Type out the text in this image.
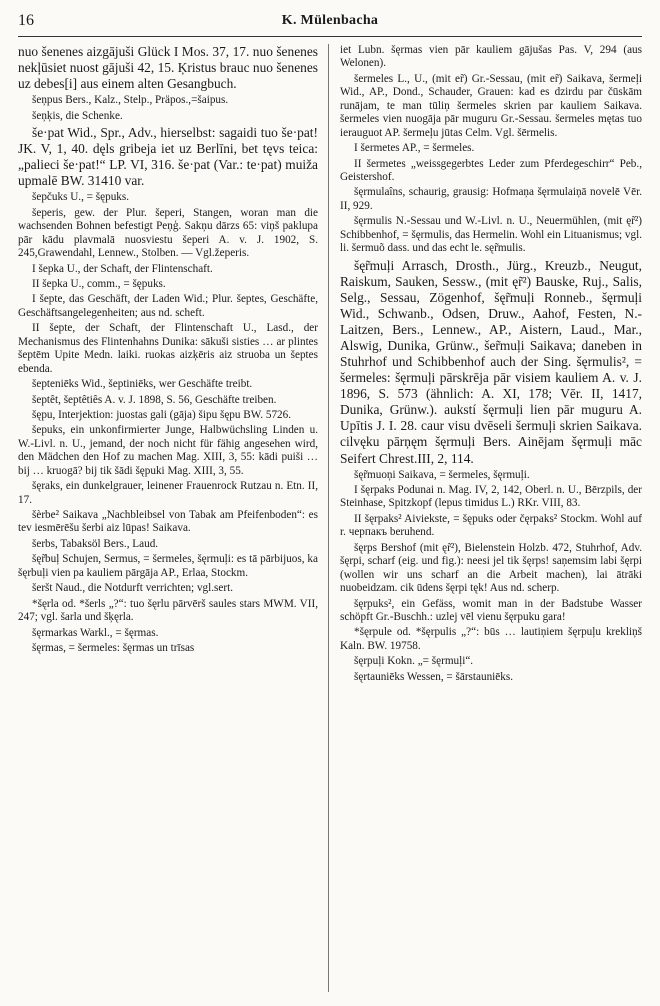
16	K. Mülenbacha

nuo šenenes aizgājuši Glück I Mos. 37, 17. nuo šenenes nekļūsiet nuost gājuši 42, 15. Ķristus brauc nuo šenenes uz debes[i] aus einem alten Gesangbuch.

šeņpus Bers., Kalz., Stelp., Präpos.,=šaipus.

šeņķis, die Schenke.

še·pat Wid., Spr., Adv., hierselbst: sagaidi tuo še·pat! JK. V, 1, 40. dęls gribeja iet uz Berlīni, bet tęvs teica: „palieci še·pat!“ LP. VI, 316. še·pat (Var.: te·pat) muiža upmalē BW. 31410 var.

šepčuks U., = šępuks.

šeperis, gew. der Plur. šeperi, Stangen, woran man die wachsenden Bohnen befestigt Peņģ. Sakņu dārzs 65: viņš paklupa pār kādu plavmalā nuosviestu šeperi A. v. J. 1902, S. 245,Grawendahl, Lennew., Stolben. — Vgl.žeperis.

I šepka U., der Schaft, der Flintenschaft.

II šepka U., comm., = šępuks.

I šepte, das Geschäft, der Laden Wid.; Plur. šeptes, Geschäfte, Geschäftsangelegenheiten; aus nd. scheft.

II šepte, der Schaft, der Flintenschaft U., Lasd., der Mechanismus des Flintenhahns Dunika: sākuši sisties … ar plintes šeptēm Upite Medn. laiki. ruokas aizķēris aiz struoba un šeptes ebenda.

šepteniēks Wid., šeptiniēks, wer Geschäfte treibt.

šeptêt, šeptêtiês A. v. J. 1898, S. 56, Geschäfte treiben.

šępu, Interjektion: juostas gali (gāja) šipu šępu BW. 5726.

šepuks, ein unkonfirmierter Junge, Halbwüchsling Linden u. W.-Livl. n. U., jemand, der noch nicht für fähig angesehen wird, den Mädchen den Hof zu machen Mag. XIII, 3, 55: kādi puiši … bij … kruogā? bij tik šādi šępuki Mag. XIII, 3, 55.

šęraks, ein dunkelgrauer, leinener Frauenrock Rutzau n. Etn. II, 17.

šèrbe² Saikava „Nachbleibsel von Tabak am Pfeifenboden“: es tev iesmērēšu šerbi aiz lūpas! Saikava.

šerbs, Tabaksöl Bers., Laud.

šęr̃buļ Schujen, Sermus, = šermeles, šęrmuļi: es tā pārbijuos, ka šęrbuļi vien pa kauliem pārgāja AP., Erlaa, Stockm.

šeršt Naud., die Notdurft verrichten; vgl.sert.

*šęrla od. *šerls „?“: tuo šęrlu pārvērš saules stars MWM. VII, 247; vgl. šarla und šķęrla.

šęrmarkas Warkl., = šęrmas.

šęrmas, = šermeles: šęrmas un trīsas

iet Lubn. šęrmas vien pār kauliem gājušas Pas. V, 294 (aus Welonen).

šermeles L., U., (mit er̃) Gr.-Sessau, (mit er̃) Saikava, šermeļi Wid., AP., Dond., Schauder, Grauen: kad es dzirdu par čūskām runājam, te man tūliņ šermeles skrien par kauliem Saikava. šermeles vien nuogāja pār muguru Gr.-Sessau. šermeles mętas tuo ierauguot AP. šermeļu jūtas Celm. Vgl. šērmelis.

I šermetes AP., = šermeles.

II šermetes „weissgegerbtes Leder zum Pferdegeschirr“ Peb., Geistershof.

šęrmulaîns, schaurig, grausig: Hofmaņa šęrmulaiņā novelē Vēr. II, 929.

šęrmulis N.-Sessau und W.-Livl. n. U., Neuermühlen, (mit ęr̃²) Schibbenhof, = šęrmulis, das Hermelin. Wohl ein Lituanismus; vgl. li. šermuõ dass. und das echt le. sęr̃mulis.

šęr̃muļi Arrasch, Drosth., Jürg., Kreuzb., Neugut, Raiskum, Sauken, Sessw., (mit ęr̃²) Bauske, Ruj., Salis, Selg., Sessau, Zögenhof, šęr̃muļi Ronneb., šęrmuļi Wid., Schwanb., Odsen, Druw., Aahof, Festen, N.-Laitzen, Bers., Lennew., AP., Aistern, Laud., Mar., Alswig, Dunika, Grünw., šer̃muļi Saikava; daneben in Stuhrhof und Schibbenhof auch der Sing. šęrmulis², = šermeles: šęrmuļi pārskrēja pār visiem kauliem A. v. J. 1896, S. 573 (ähnlich: A. XI, 178; Vēr. II, 1417, Dunika, Grünw.). aukstí šęrmuļi lien pār muguru A. Upītis J. I. 28. caur visu dvēseli šermuļi skrien Saikava. cilvęku pārņęm šęrmuļi Bers. Ainējam šęrmuļi māc Seifert Chrest.III, 2, 114.

šęr̃muoņi Saikava, = šermeles, šęrmuļi.

I šęrpaks Podunai n. Mag. IV, 2, 142, Oberl. n. U., Bērzpils, der Steinhase, Spitzkopf (lepus timidus L.) RKr. VIII, 83.

II šęrpaks² Aiviekste, = šępuks oder čęrpaks² Stockm. Wohl auf r. черпакъ beruhend.

šęrps Bershof (mit ęr̃²), Bielenstein Holzb. 472, Stuhrhof, Adv. šęrpi, scharf (eig. und fig.): neesi jel tik šęrps! saņemsim labi šęrpi (wollen wir uns scharf an die Arbeit machen), lai ātrāki nuobeidzam. cik ūdens šęrpi tęk! Aus nd. scherp.

šęrpuks², ein Gefäss, womit man in der Badstube Wasser schöpft Gr.-Buschh.: uzlej vēl vienu šęrpuku gara!

*šęrpule od. *šęrpulis „?“: būs … lautiņiem šęrpuļu krekliņš Kaln. BW. 19758.

šęrpuļi Kokn. „= šęrmuļi“.

šęrtauniēks Wessen, = šārstauniēks.
